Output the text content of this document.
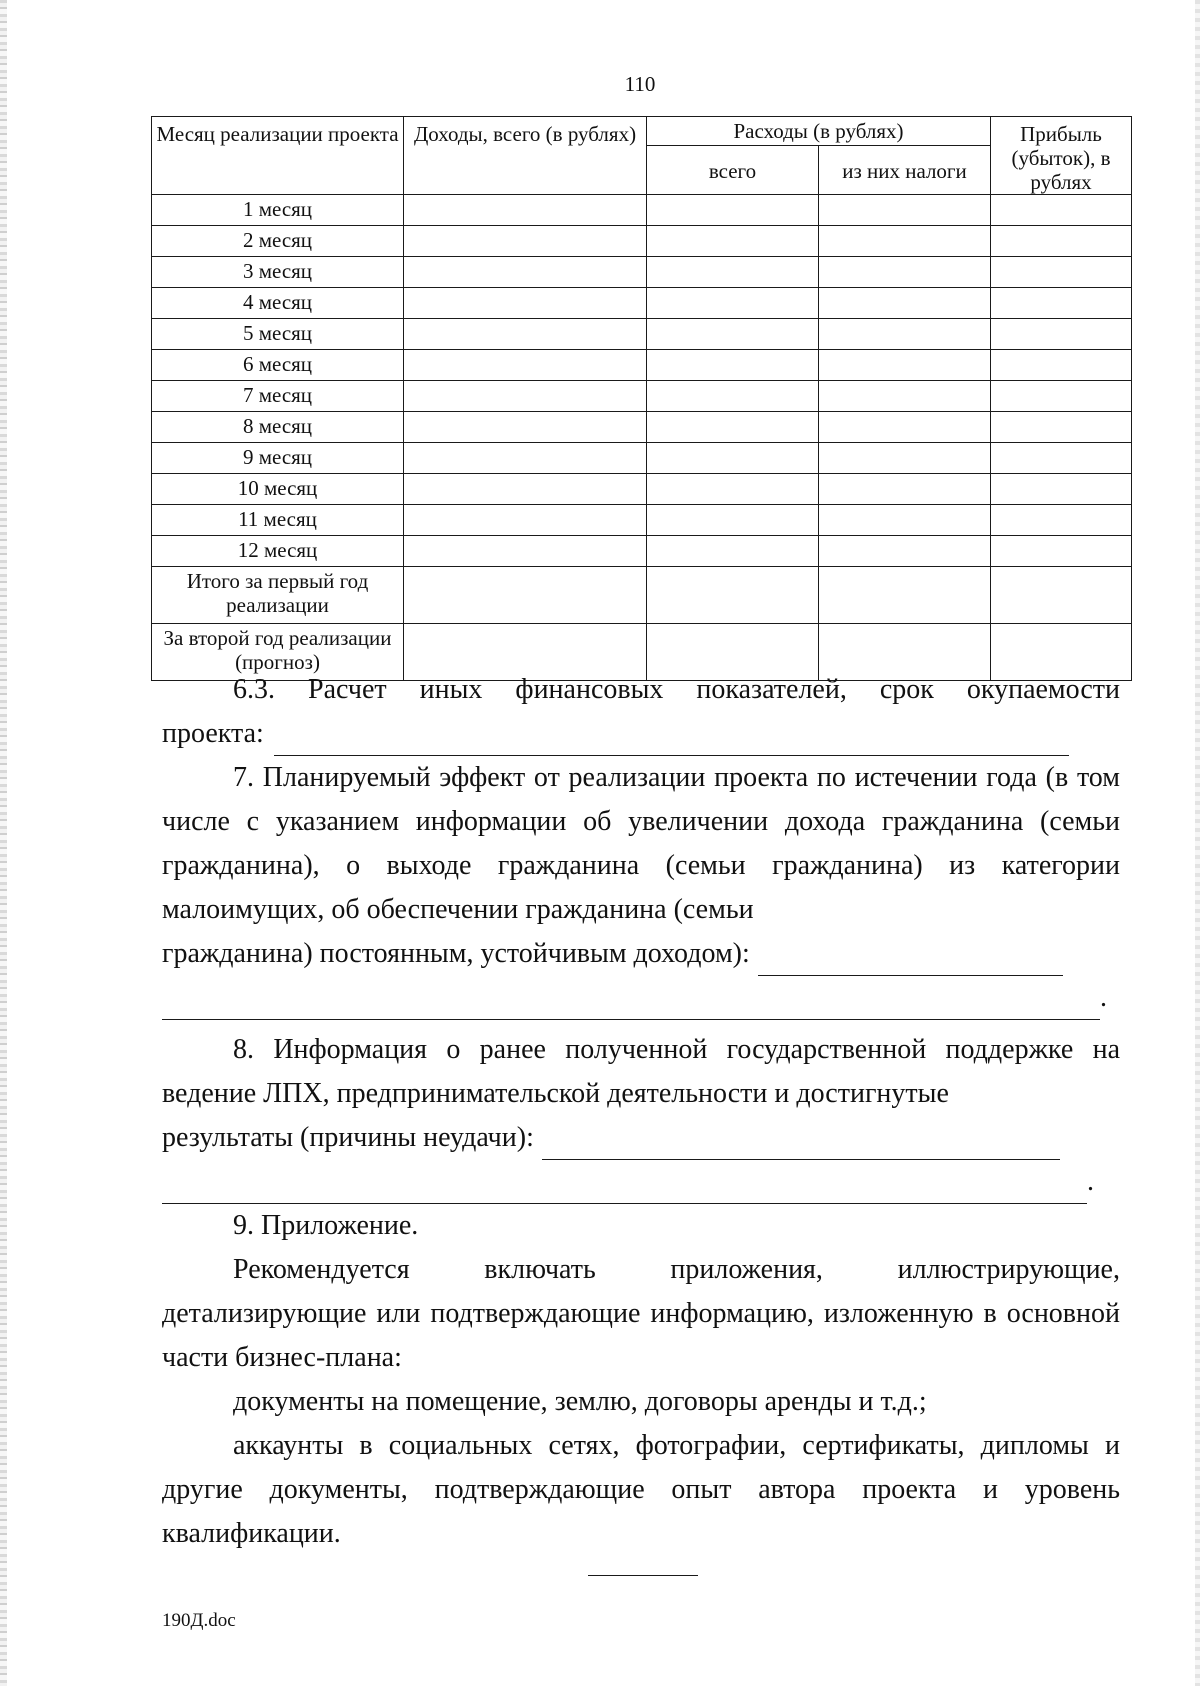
110
Месяц реализации проекта	Доходы, всего (в рублях)	Расходы (в рублях)		Прибыль (убыток), в рублях
		всего	из них налоги	
1 месяц				
2 месяц				
3 месяц				
4 месяц				
5 месяц				
6 месяц				
7 месяц				
8 месяц				
9 месяц				
10 месяц				
11 месяц				
12 месяц				
Итого за первый год реализации				
За второй год реализации (прогноз)				

6.3. Расчет иных финансовых показателей, срок окупаемости

проекта:

7. Планируемый эффект от реализации проекта по истечении года (в том числе с указанием информации об увеличении дохода гражданина (семьи гражданина), о выходе гражданина (семьи гражданина) из категории малоимущих, об обеспечении гражданина (семьи

гражданина) постоянным, устойчивым доходом):
.

8. Информация о ранее полученной государственной поддержке на ведение ЛПХ, предпринимательской деятельности и достигнутые

результаты (причины неудачи):
.

9. Приложение.

Рекомендуется включать приложения, иллюстрирующие, детализирующие или подтверждающие информацию, изложенную в основной части бизнес-плана:

документы на помещение, землю, договоры аренды и т.д.;

аккаунты в социальных сетях, фотографии, сертификаты, дипломы и другие документы, подтверждающие опыт автора проекта и уровень квалификации.

190Д.doc
